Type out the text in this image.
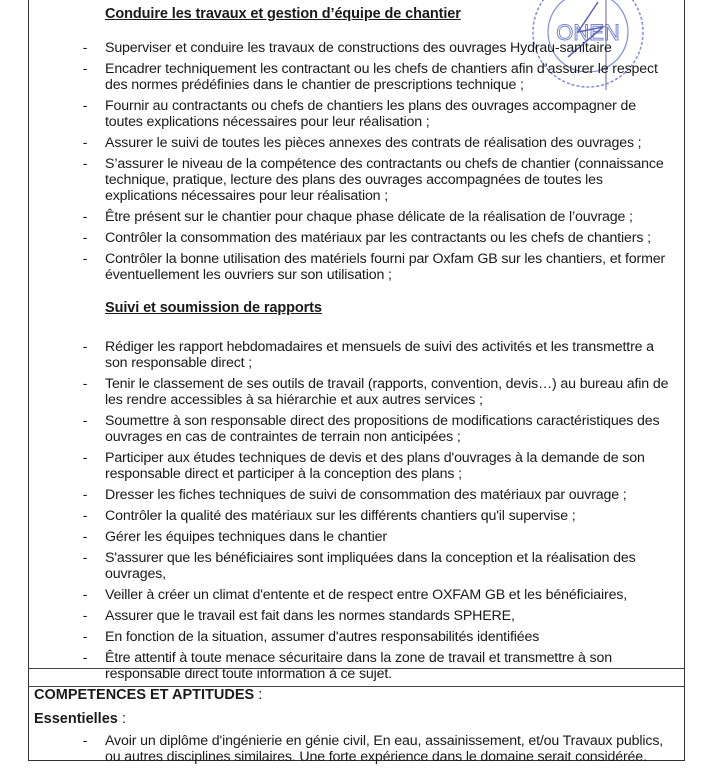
ONEN
Conduire les travaux et gestion d’équipe de chantier
- Superviser et conduire les travaux de constructions des ouvrages Hydrau-sanitaire
- Encadrer techniquement les contractant ou les chefs de chantiers afin d’assurer le respect
des normes prédéfinies dans le chantier de prescriptions technique ;
- Fournir au contractants ou chefs de chantiers les plans des ouvrages accompagner de
toutes explications nécessaires pour leur réalisation ;
- Assurer le suivi de toutes les pièces annexes des contrats de réalisation des ouvrages ;
- S’assurer le niveau de la compétence des contractants ou chefs de chantier (connaissance
technique, pratique, lecture des plans des ouvrages accompagnées de toutes les
explications nécessaires pour leur réalisation ;
- Être présent sur le chantier pour chaque phase délicate de la réalisation de l’ouvrage ;
- Contrôler la consommation des matériaux par les contractants ou les chefs de chantiers ;
- Contrôler la bonne utilisation des matériels fourni par Oxfam GB sur les chantiers, et former
éventuellement les ouvriers sur son utilisation ;
Suivi et soumission de rapports
- Rédiger les rapport hebdomadaires et mensuels de suivi des activités et les transmettre a
son responsable direct ;
- Tenir le classement de ses outils de travail (rapports, convention, devis…) au bureau afin de
les rendre accessibles à sa hiérarchie et aux autres services ;
- Soumettre à son responsable direct des propositions de modifications caractéristiques des
ouvrages en cas de contraintes de terrain non anticipées ;
- Participer aux études techniques de devis et des plans d'ouvrages à la demande de son
responsable direct et participer à la conception des plans ;
- Dresser les fiches techniques de suivi de consommation des matériaux par ouvrage ;
- Contrôler la qualité des matériaux sur les différents chantiers qu'il supervise ;
- Gérer les équipes techniques dans le chantier
- S'assurer que les bénéficiaires sont impliquées dans la conception et la réalisation des
ouvrages,
- Veiller à créer un climat d'entente et de respect entre OXFAM GB et les bénéficiaires,
- Assurer que le travail est fait dans les normes standards SPHERE,
- En fonction de la situation, assumer d'autres responsabilités identifiées
- Être attentif à toute menace sécuritaire dans la zone de travail et transmettre à son
responsable direct toute information à ce sujet.
COMPETENCES ET APTITUDES :
Essentielles :
- Avoir un diplôme d'ingénierie en génie civil, En eau, assainissement, et/ou Travaux publics,
ou autres disciplines similaires. Une forte expérience dans le domaine serait considérée.
